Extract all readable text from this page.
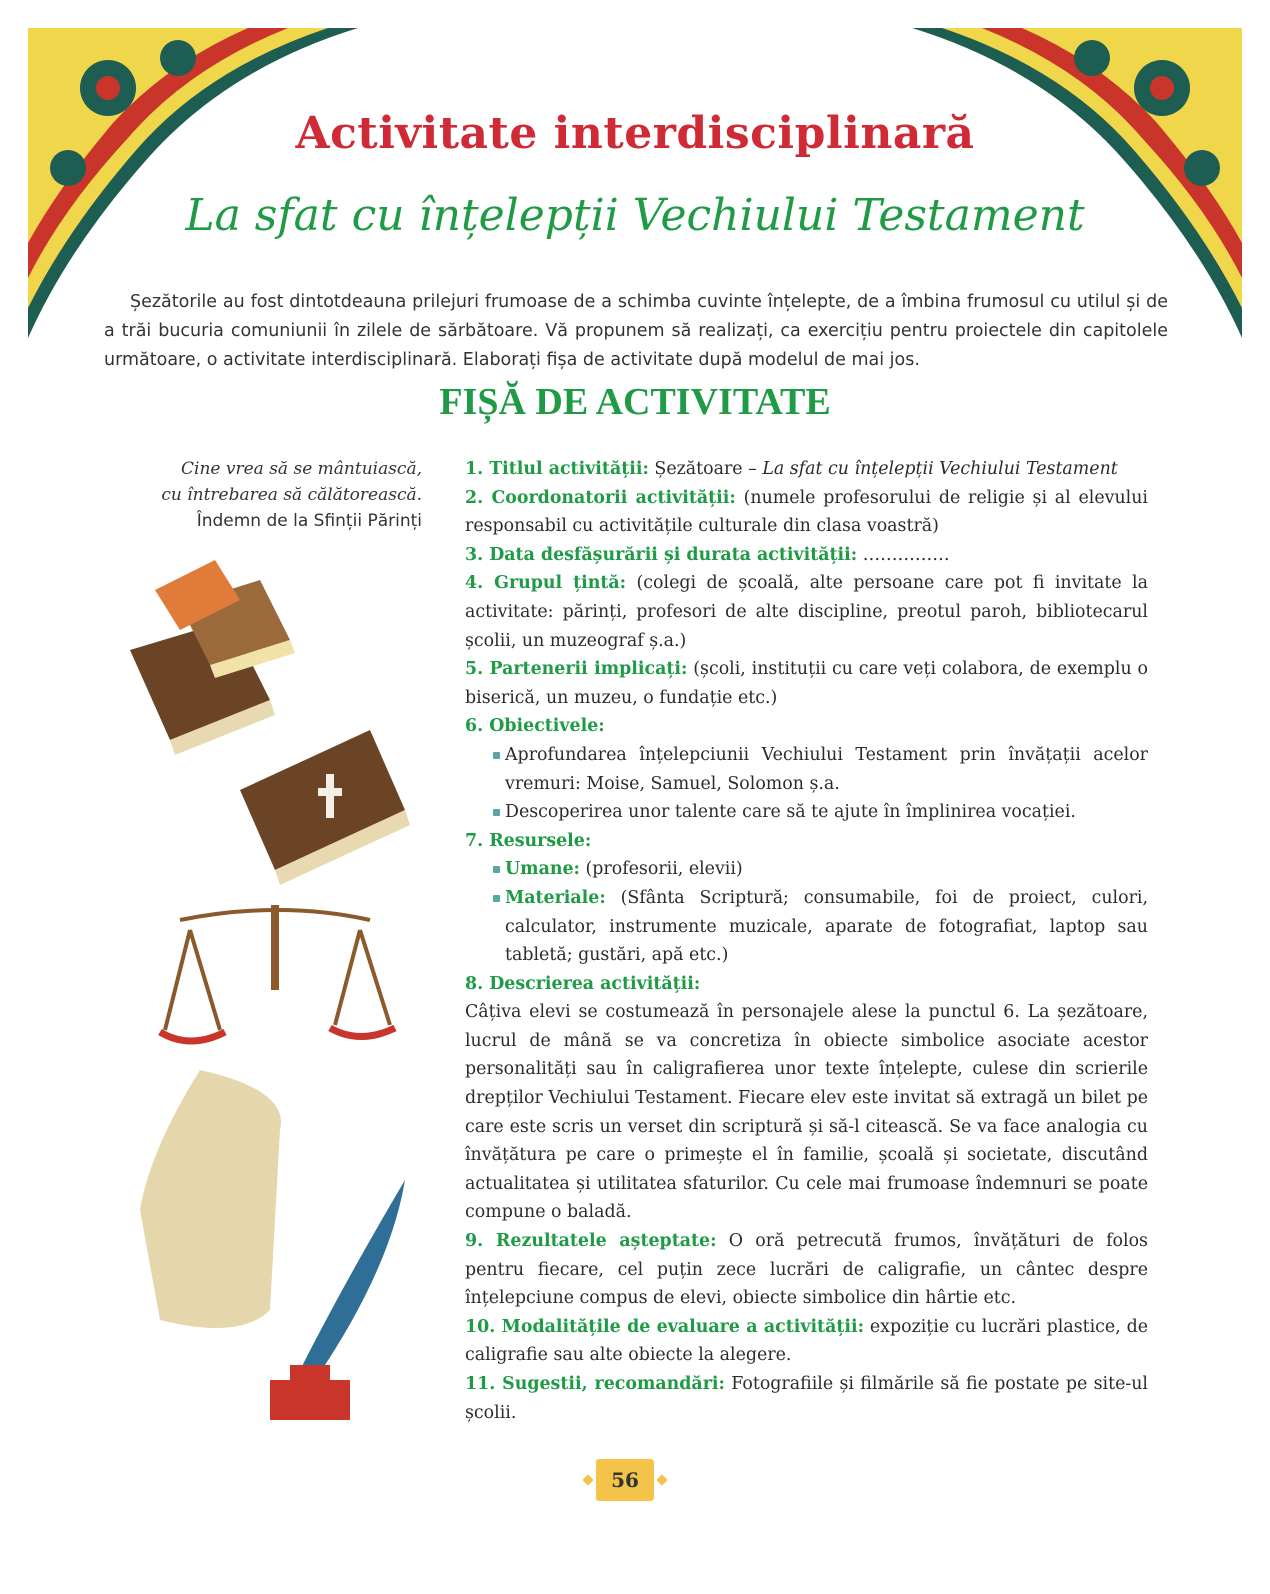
Activitate interdisciplinară
La sfat cu înțelepții Vechiului Testament

Șezătorile au fost dintotdeauna prilejuri frumoase de a schimba cuvinte înțelepte, de a îmbina frumosul cu utilul și de a trăi bucuria comuniunii în zilele de sărbătoare. Vă propunem să realizați, ca exercițiu pentru proiectele din capitolele următoare, o activitate interdisciplinară. Elaborați fișa de activitate după modelul de mai jos.

FIȘĂ DE ACTIVITATE
Cine vrea să se mântuiască,
cu întrebarea să călătorească.
Îndemn de la Sfinții Părinți

1. Titlul activității: Șezătoare – La sfat cu înțelepții Vechiului Testament

2. Coordonatorii activității: (numele profesorului de religie și al elevului responsabil cu activitățile culturale din clasa voastră)

3. Data desfășurării și durata activității: ……………

4. Grupul țintă: (colegi de școală, alte persoane care pot fi invitate la activitate: părinți, profesori de alte discipline, preotul paroh, bibliotecarul școlii, un muzeograf ș.a.)

5. Partenerii implicați: (școli, instituții cu care veți colabora, de exemplu o biserică, un muzeu, o fundație etc.)

6. Obiectivele:

Aprofundarea înțelepciunii Vechiului Testament prin învățații acelor vremuri: Moise, Samuel, Solomon ș.a.
Descoperirea unor talente care să te ajute în împlinirea vocației.

7. Resursele:

Umane: (profesorii, elevii)
Materiale: (Sfânta Scriptură; consumabile, foi de proiect, culori, calculator, instrumente muzicale, aparate de fotografiat, laptop sau tabletă; gustări, apă etc.)

8. Descrierea activității:

Câțiva elevi se costumează în personajele alese la punctul 6. La șezătoare, lucrul de mână se va concretiza în obiecte simbolice asociate acestor personalități sau în caligrafierea unor texte înțelepte, culese din scrierile drepților Vechiului Testament. Fiecare elev este invitat să extragă un bilet pe care este scris un verset din scriptură și să-l citească. Se va face analogia cu învățătura pe care o primește el în familie, școală și societate, discutând actualitatea și utilitatea sfaturilor. Cu cele mai frumoase îndemnuri se poate compune o baladă.

9. Rezultatele așteptate: O oră petrecută frumos, învățături de folos pentru fiecare, cel puțin zece lucrări de caligrafie, un cântec despre înțelepciune compus de elevi, obiecte simbolice din hârtie etc.

10. Modalitățile de evaluare a activității: expoziție cu lucrări plastice, de caligrafie sau alte obiecte la alegere.

11. Sugestii, recomandări: Fotografiile și filmările să fie postate pe site-ul școlii.

56
